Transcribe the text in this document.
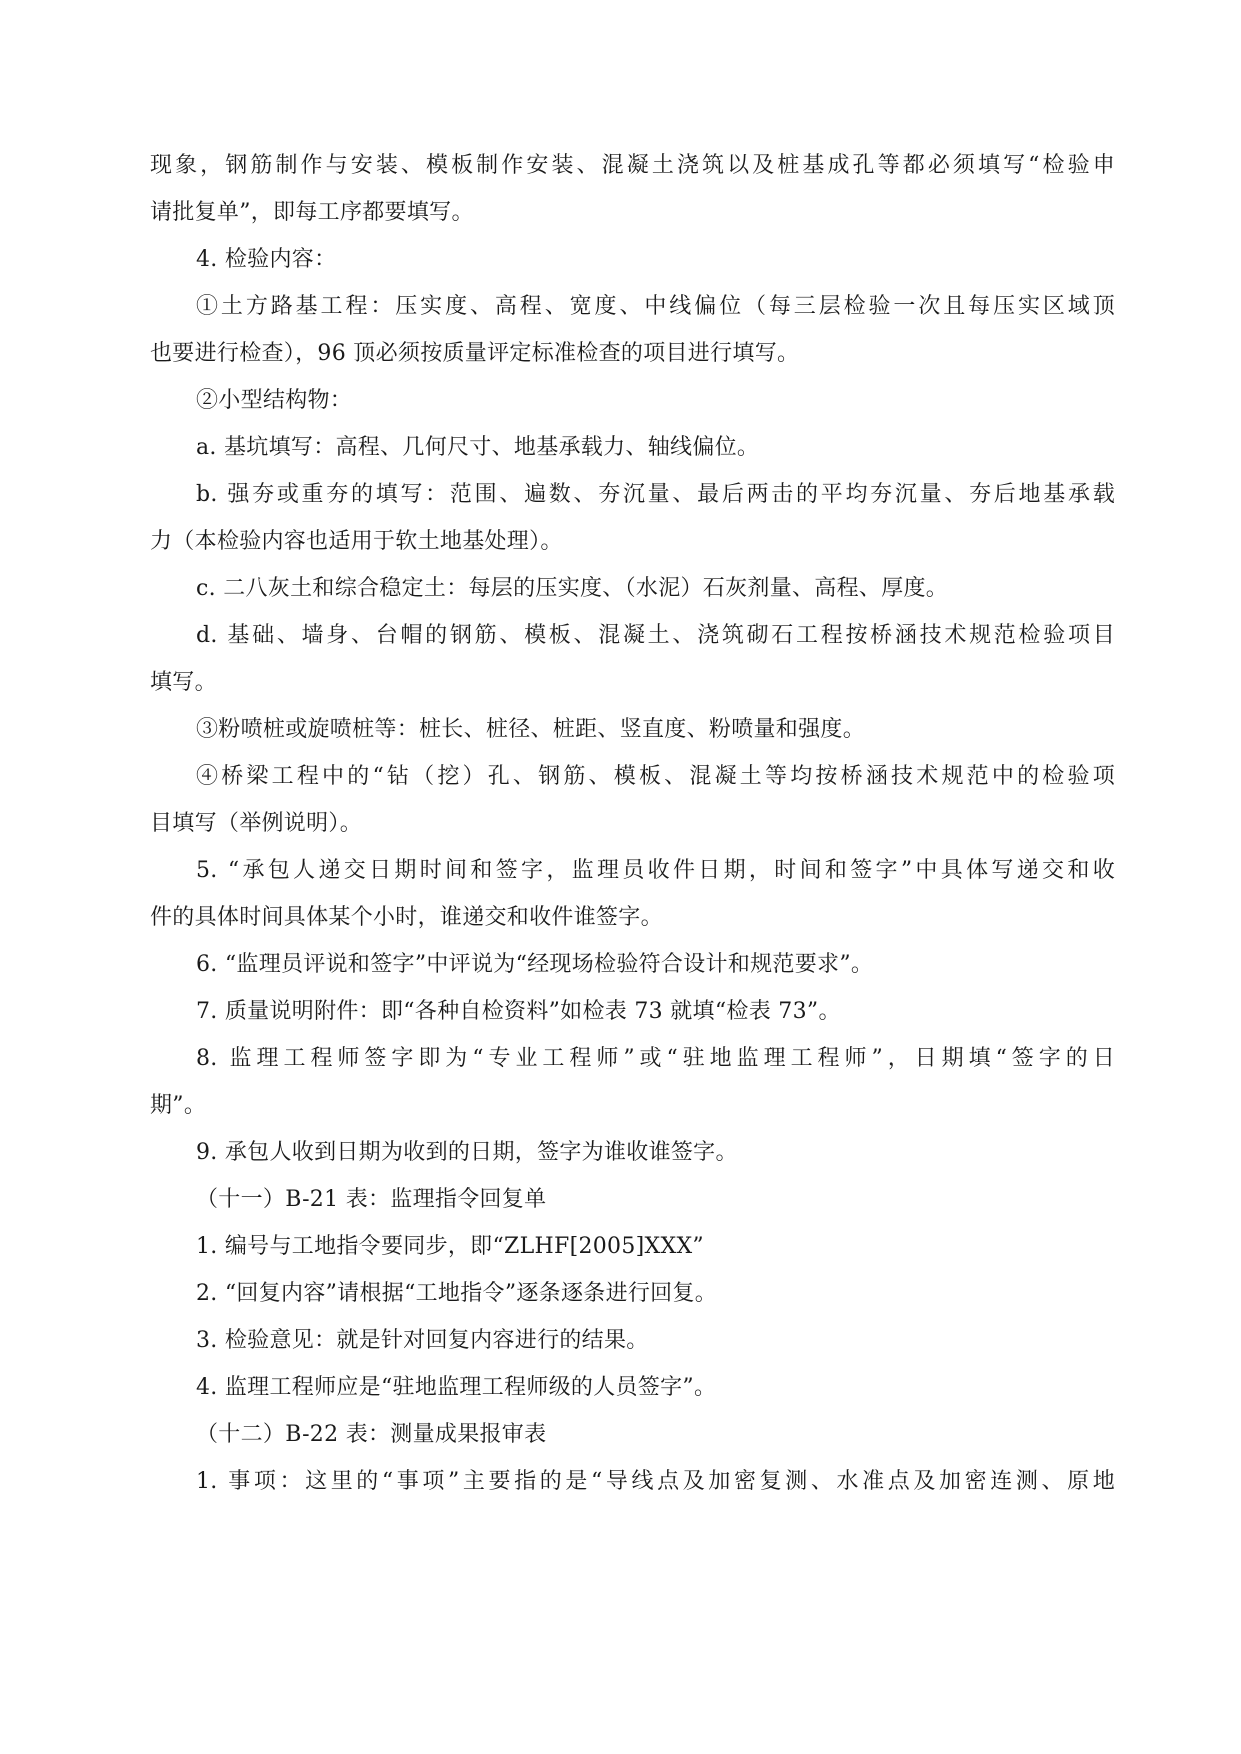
现象，钢筋制作与安装、模板制作安装、混凝土浇筑以及桩基成孔等都必须填写“检验申
请批复单”，即每工序都要填写。
4. 检验内容：
①土方路基工程：压实度、高程、宽度、中线偏位（每三层检验一次且每压实区域顶
也要进行检查），96 顶必须按质量评定标准检查的项目进行填写。
②小型结构物：
a. 基坑填写：高程、几何尺寸、地基承载力、轴线偏位。
b. 强夯或重夯的填写：范围、遍数、夯沉量、最后两击的平均夯沉量、夯后地基承载
力（本检验内容也适用于软土地基处理）。
c. 二八灰土和综合稳定土：每层的压实度、（水泥）石灰剂量、高程、厚度。
d. 基础、墙身、台帽的钢筋、模板、混凝土、浇筑砌石工程按桥涵技术规范检验项目
填写。
③粉喷桩或旋喷桩等：桩长、桩径、桩距、竖直度、粉喷量和强度。
④桥梁工程中的“钻（挖）孔、钢筋、模板、混凝土等均按桥涵技术规范中的检验项
目填写（举例说明）。
5. “承包人递交日期时间和签字，监理员收件日期，时间和签字”中具体写递交和收
件的具体时间具体某个小时，谁递交和收件谁签字。
6. “监理员评说和签字”中评说为“经现场检验符合设计和规范要求”。
7. 质量说明附件：即“各种自检资料”如检表 73 就填“检表 73”。
8. 监理工程师签字即为“专业工程师”或“驻地监理工程师”，日期填“签字的日
期”。
9. 承包人收到日期为收到的日期，签字为谁收谁签字。
（十一）B-21 表：监理指令回复单
1. 编号与工地指令要同步，即“ZLHF[2005]XXX”
2. “回复内容”请根据“工地指令”逐条逐条进行回复。
3. 检验意见：就是针对回复内容进行的结果。
4. 监理工程师应是“驻地监理工程师级的人员签字”。
（十二）B-22 表：测量成果报审表
1. 事项：这里的“事项”主要指的是“导线点及加密复测、水准点及加密连测、原地
